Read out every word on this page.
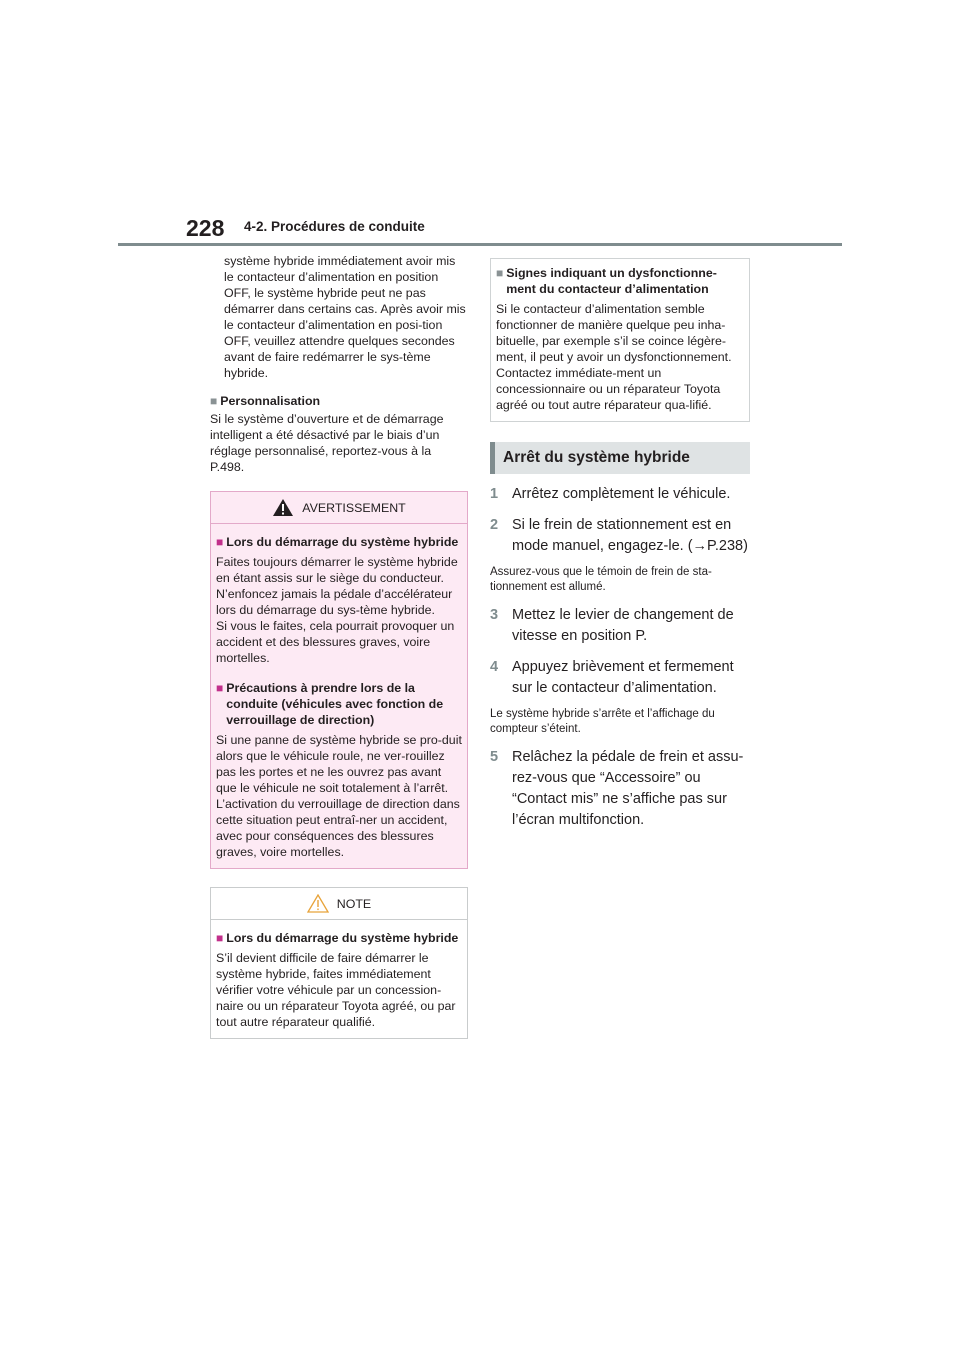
228 4-2. Procédures de conduite
système hybride immédiatement avoir mis le contacteur d’alimentation en position OFF, le système hybride peut ne pas démarrer dans certains cas. Après avoir mis le contacteur d’alimentation en posi-tion OFF, veuillez attendre quelques secondes avant de faire redémarrer le sys-tème hybride.
■ Personnalisation
Si le système d’ouverture et de démarrage intelligent a été désactivé par le biais d’un réglage personnalisé, reportez-vous à la P.498.
AVERTISSEMENT
■ Lors du démarrage du système hybride
Faites toujours démarrer le système hybride en étant assis sur le siège du conducteur. N’enfoncez jamais la pédale d’accélérateur lors du démarrage du sys-tème hybride.
Si vous le faites, cela pourrait provoquer un accident et des blessures graves, voire mortelles.
■ Précautions à prendre lors de la conduite (véhicules avec fonction de verrouillage de direction)
Si une panne de système hybride se pro-duit alors que le véhicule roule, ne ver-rouillez pas les portes et ne les ouvrez pas avant que le véhicule ne soit totalement à l’arrêt. L’activation du verrouillage de direction dans cette situation peut entraî-ner un accident, avec pour conséquences des blessures graves, voire mortelles.
NOTE
■ Lors du démarrage du système hybride
S’il devient difficile de faire démarrer le système hybride, faites immédiatement vérifier votre véhicule par un concession-naire ou un réparateur Toyota agréé, ou par tout autre réparateur qualifié.
■ Signes indiquant un dysfonctionne-ment du contacteur d’alimentation
Si le contacteur d’alimentation semble fonctionner de manière quelque peu inha-bituelle, par exemple s’il se coince légère-ment, il peut y avoir un dysfonctionnement. Contactez immédiate-ment un concessionnaire ou un réparateur Toyota agréé ou tout autre réparateur qua-lifié.
Arrêt du système hybride
1 Arrêtez complètement le véhicule.
2 Si le frein de stationnement est en mode manuel, engagez-le. (→P.238)
Assurez-vous que le témoin de frein de sta-tionnement est allumé.
3 Mettez le levier de changement de vitesse en position P.
4 Appuyez brièvement et fermement sur le contacteur d’alimentation.
Le système hybride s’arrête et l’affichage du compteur s’éteint.
5 Relâchez la pédale de frein et assu-rez-vous que “Accessoire” ou “Contact mis” ne s’affiche pas sur l’écran multifonction.
